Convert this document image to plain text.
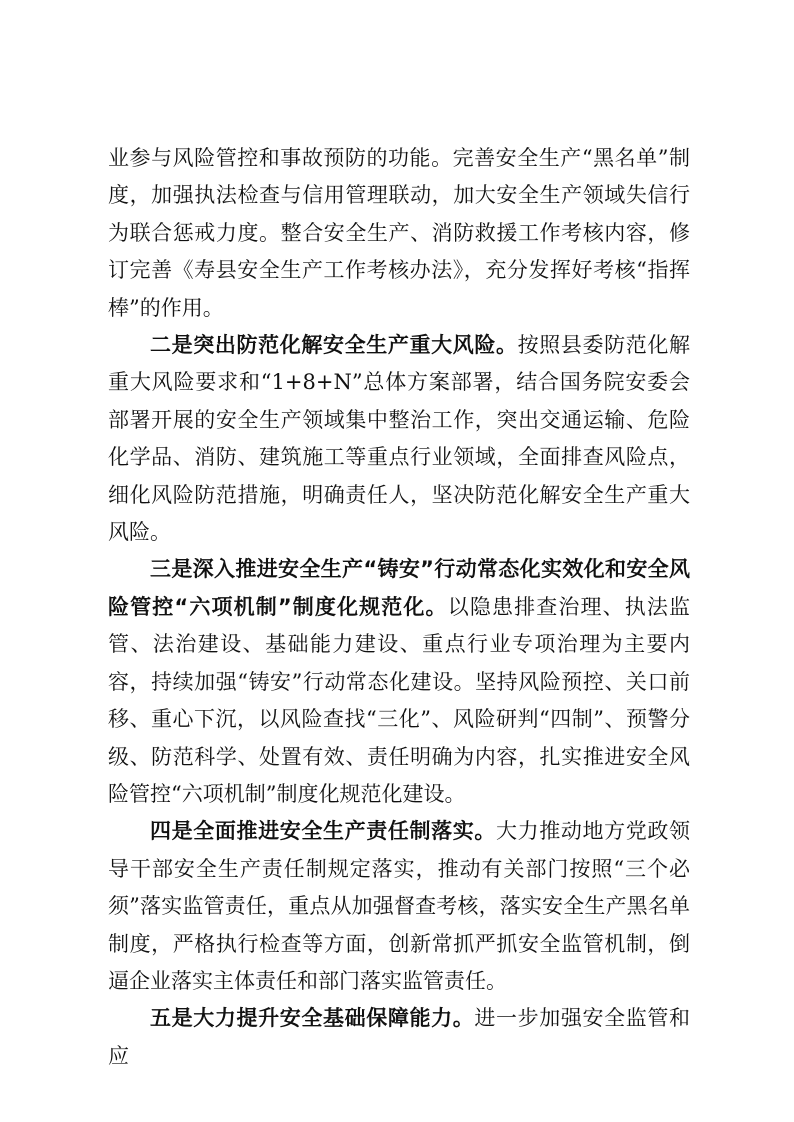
业参与风险管控和事故预防的功能。完善安全生产“黑名单”制度，加强执法检查与信用管理联动，加大安全生产领域失信行为联合惩戒力度。整合安全生产、消防救援工作考核内容，修订完善《寿县安全生产工作考核办法》，充分发挥好考核“指挥棒”的作用。

二是突出防范化解安全生产重大风险。按照县委防范化解重大风险要求和“1+8+N”总体方案部署，结合国务院安委会部署开展的安全生产领域集中整治工作，突出交通运输、危险化学品、消防、建筑施工等重点行业领域，全面排查风险点，细化风险防范措施，明确责任人，坚决防范化解安全生产重大风险。

三是深入推进安全生产“铸安”行动常态化实效化和安全风险管控“六项机制”制度化规范化。以隐患排查治理、执法监管、法治建设、基础能力建设、重点行业专项治理为主要内容，持续加强“铸安”行动常态化建设。坚持风险预控、关口前移、重心下沉，以风险查找“三化”、风险研判“四制”、预警分级、防范科学、处置有效、责任明确为内容，扎实推进安全风险管控“六项机制”制度化规范化建设。

四是全面推进安全生产责任制落实。大力推动地方党政领导干部安全生产责任制规定落实，推动有关部门按照“三个必须”落实监管责任，重点从加强督查考核，落实安全生产黑名单制度，严格执行检查等方面，创新常抓严抓安全监管机制，倒逼企业落实主体责任和部门落实监管责任。

五是大力提升安全基础保障能力。进一步加强安全监管和应
